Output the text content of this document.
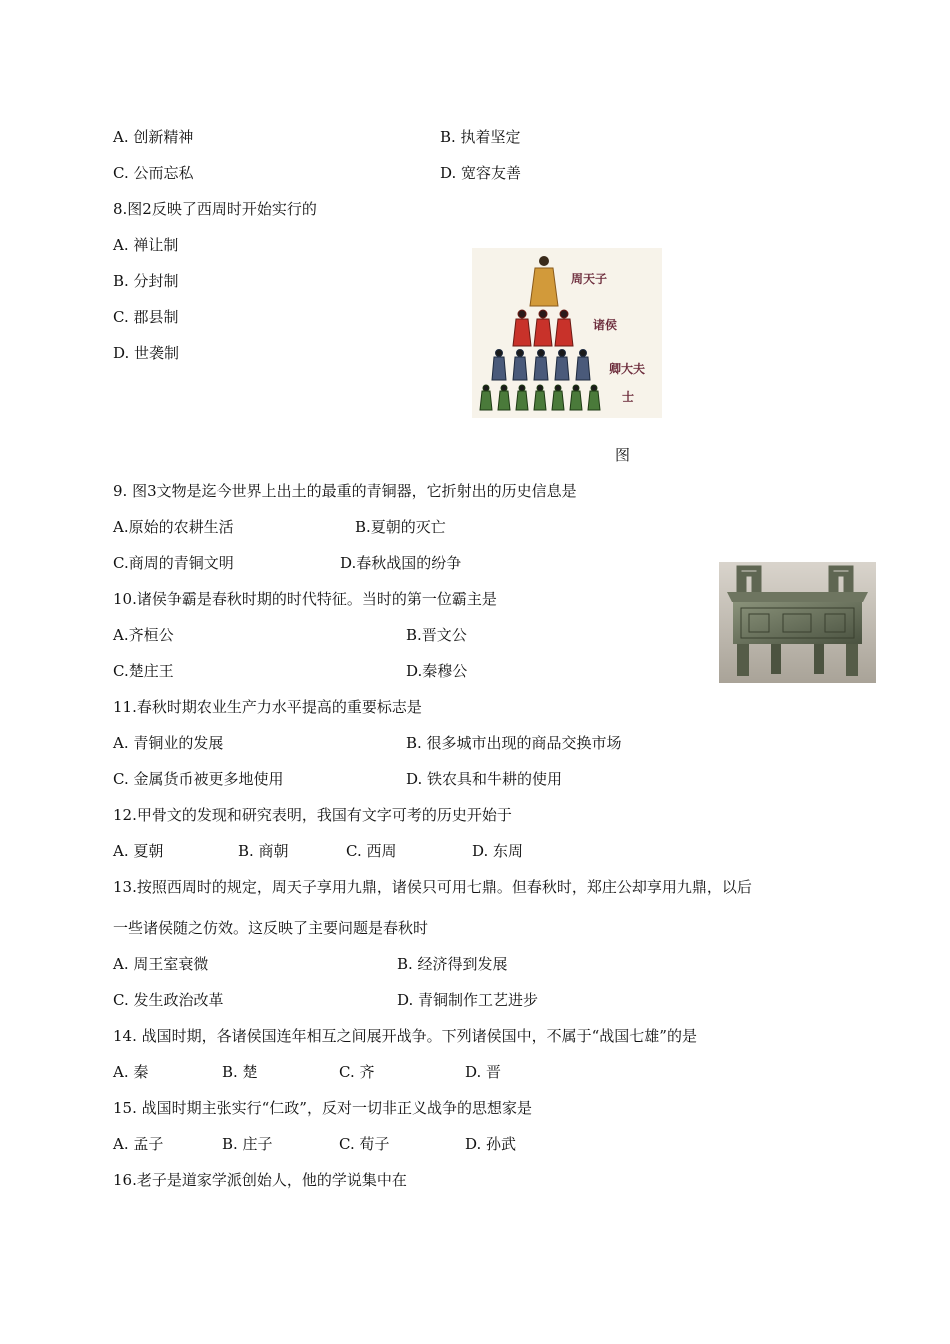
A. 创新精神	B. 执着坚定
C. 公而忘私	D. 宽容友善
8.图2反映了西周时开始实行的
A. 禅让制
B. 分封制
C. 郡县制
D. 世袭制
周天子
诸侯
卿大夫
士
图
9. 图3文物是迄今世界上出土的最重的青铜器，它折射出的历史信息是
A.原始的农耕生活	B.夏朝的灭亡
C.商周的青铜文明	D.春秋战国的纷争
10.诸侯争霸是春秋时期的时代特征。当时的第一位霸主是
A.齐桓公	B.晋文公
C.楚庄王	D.秦穆公
11.春秋时期农业生产力水平提高的重要标志是
A. 青铜业的发展	B. 很多城市出现的商品交换市场
C. 金属货币被更多地使用	D. 铁农具和牛耕的使用
12.甲骨文的发现和研究表明，我国有文字可考的历史开始于
A. 夏朝	B. 商朝	C. 西周	D. 东周
13.按照西周时的规定，周天子享用九鼎，诸侯只可用七鼎。但春秋时，郑庄公却享用九鼎，以后
一些诸侯随之仿效。这反映了主要问题是春秋时
A. 周王室衰微	B. 经济得到发展
C. 发生政治改革	D. 青铜制作工艺进步
14. 战国时期，各诸侯国连年相互之间展开战争。下列诸侯国中，不属于“战国七雄”的是
A. 秦	B. 楚	C. 齐	D. 晋
15. 战国时期主张实行“仁政”，反对一切非正义战争的思想家是
A. 孟子	B. 庄子	C. 荀子	D. 孙武
16.老子是道家学派创始人，他的学说集中在
